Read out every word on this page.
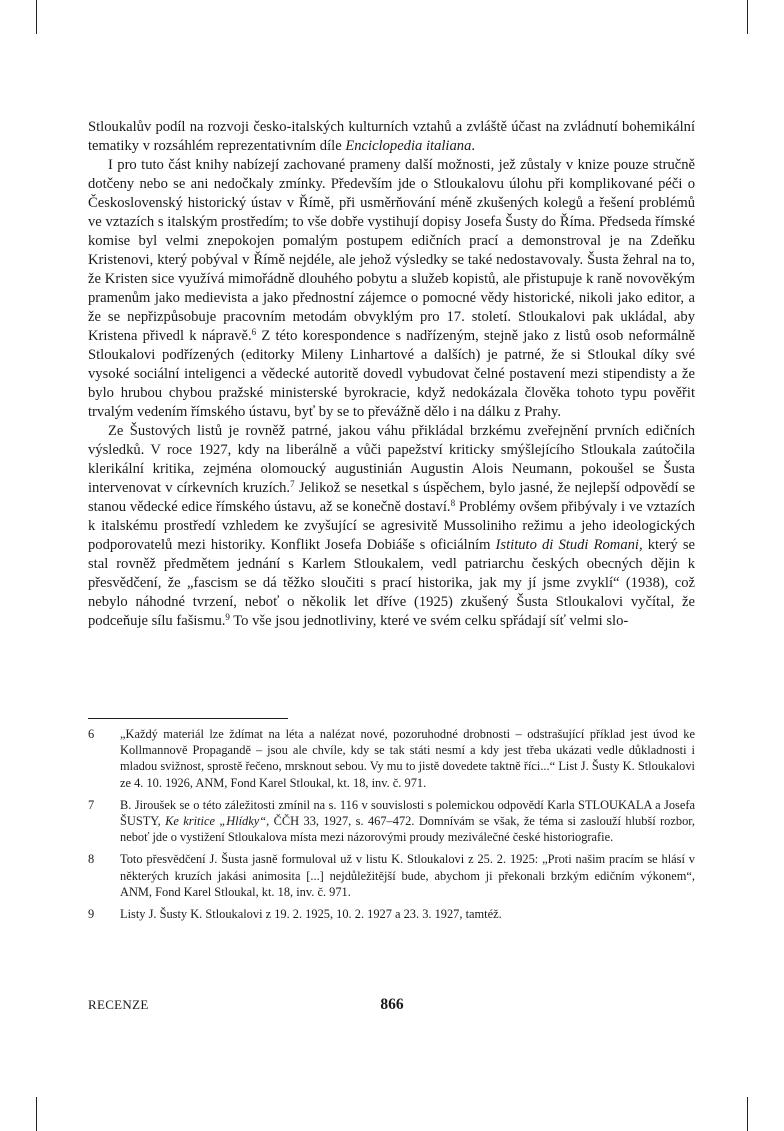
Stloukalův podíl na rozvoji česko-italských kulturních vztahů a zvláště účast na zvládnutí bohemikální tematiky v rozsáhlém reprezentativním díle Enciclopedia italiana.

I pro tuto část knihy nabízejí zachované prameny další možnosti, jež zůstaly v knize pouze stručně dotčeny nebo se ani nedočkaly zmínky. Především jde o Stloukalovu úlohu při komplikované péči o Československý historický ústav v Římě, při usměrňování méně zkušených kolegů a řešení problémů ve vztazích s italským prostředím; to vše dobře vystihují dopisy Josefa Šusty do Říma. Předseda římské komise byl velmi znepokojen pomalým postupem edičních prací a demonstroval je na Zdeňku Kristenovi, který pobýval v Římě nejdéle, ale jehož výsledky se také nedostavovaly. Šusta žehral na to, že Kristen sice využívá mimořádně dlouhého pobytu a služeb kopistů, ale přistupuje k raně novověkým pramenům jako medievista a jako přednostní zájemce o pomocné vědy historické, nikoli jako editor, a že se nepřizpůsobuje pracovním metodám obvyklým pro 17. století. Stloukalovi pak ukládal, aby Kristena přivedl k nápravě.$^6$ Z této korespondence s nadřízeným, stejně jako z listů osob neformálně Stloukalovi podřízených (editorky Mileny Linhartové a dalších) je patrné, že si Stloukal díky své vysoké sociální inteligenci a vědecké autoritě dovedl vybudovat čelné postavení mezi stipendisty a že bylo hrubou chybou pražské ministerské byrokracie, když nedokázala člověka tohoto typu pověřit trvalým vedením římského ústavu, byť by se to převážně dělo i na dálku z Prahy.

Ze Šustových listů je rovněž patrné, jakou váhu přikládal brzkému zveřejnění prvních edičních výsledků. V roce 1927, kdy na liberálně a vůči papežství kriticky smýšlejícího Stloukala zaútočila klerikální kritika, zejména olomoucký augustinián Augustin Alois Neumann, pokoušel se Šusta intervenovat v církevních kruzích.$^7$ Jelikož se nesetkal s úspěchem, bylo jasné, že nejlepší odpovědí se stanou vědecké edice římského ústavu, až se konečně dostaví.$^8$ Problémy ovšem přibývaly i ve vztazích k italskému prostředí vzhledem ke zvyšující se agresivitě Mussoliniho režimu a jeho ideologických podporovatelů mezi historiky. Konflikt Josefa Dobiáše s oficiálním Istituto di Studi Romani, který se stal rovněž předmětem jednání s Karlem Stloukalem, vedl patriarchu českých obecných dějin k přesvědčení, že „fascism se dá těžko sloučiti s prací historika, jak my jí jsme zvyklí“ (1938), což nebylo náhodné tvrzení, neboť o několik let dříve (1925) zkušený Šusta Stloukalovi vyčítal, že podceňuje sílu fašismu.$^9$ To vše jsou jednotliviny, které ve svém celku spřádají síť velmi slo-

6	„Každý materiál lze ždímat na léta a nalézat nové, pozoruhodné drobnosti – odstrašující příklad jest úvod ke Kollmannově Propagandě – jsou ale chvíle, kdy se tak státi nesmí a kdy jest třeba ukázati vedle důkladnosti i mladou svižnost, sprostě řečeno, mrsknout sebou. Vy mu to jistě dovedete taktně říci...“ List J. Šusty K. Stloukalovi ze 4. 10. 1926, ANM, Fond Karel Stloukal, kt. 18, inv. č. 971.
7	B. Jiroušek se o této záležitosti zmínil na s. 116 v souvislosti s polemickou odpovědí Karla STLOUKALA a Josefa ŠUSTY, Ke kritice „Hlídky“, ČČH 33, 1927, s. 467–472. Domnívám se však, že téma si zaslouží hlubší rozbor, neboť jde o vystižení Stloukalova místa mezi názorovými proudy meziválečné české historiografie.
8	Toto přesvědčení J. Šusta jasně formuloval už v listu K. Stloukalovi z 25. 2. 1925: „Proti našim pracím se hlásí v některých kruzích jakási animosita [...] nejdůležitější bude, abychom ji překonali brzkým edičním výkonem“, ANM, Fond Karel Stloukal, kt. 18, inv. č. 971.
9	Listy J. Šusty K. Stloukalovi z 19. 2. 1925, 10. 2. 1927 a 23. 3. 1927, tamtéž.
RECENZE	866
